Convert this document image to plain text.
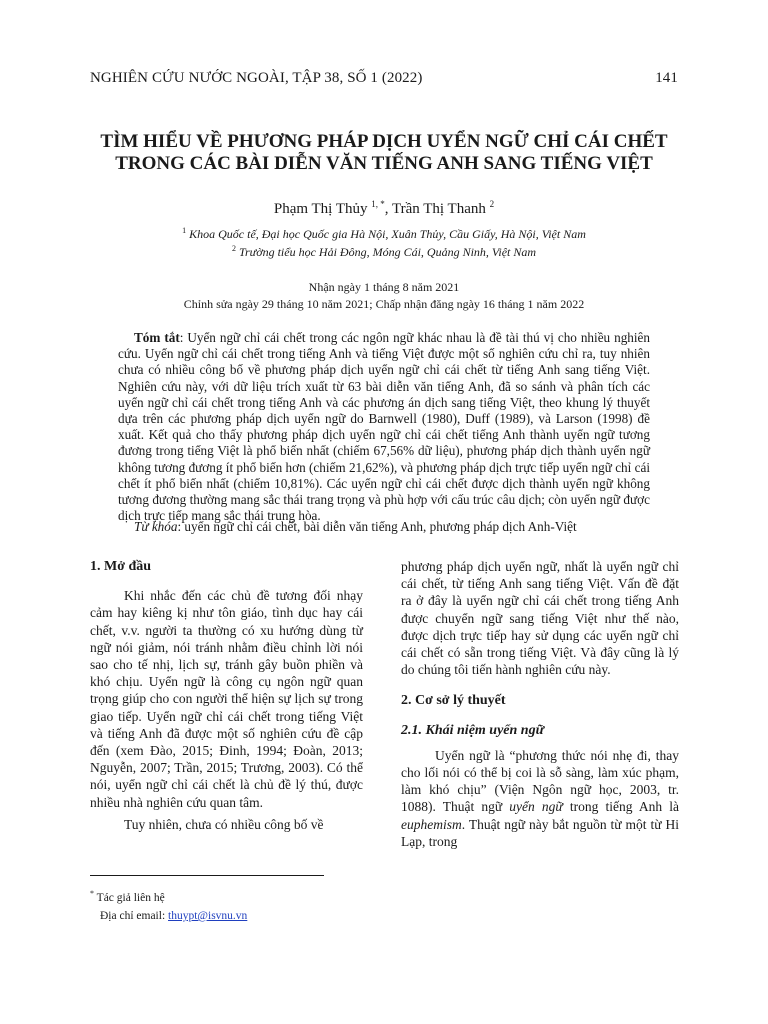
NGHIÊN CỨU NƯỚC NGOÀI, TẬP 38, SỐ 1 (2022)	141
TÌM HIỂU VỀ PHƯƠNG PHÁP DỊCH UYỂN NGỮ CHỈ CÁI CHẾT
TRONG CÁC BÀI DIỄN VĂN TIẾNG ANH SANG TIẾNG VIỆT
Phạm Thị Thủy $^{1, *}$, Trần Thị Thanh $^2$
$^1$ Khoa Quốc tế, Đại học Quốc gia Hà Nội, Xuân Thủy, Cầu Giấy, Hà Nội, Việt Nam
$^2$ Trường tiểu học Hải Đông, Móng Cái, Quảng Ninh, Việt Nam
Nhận ngày 1 tháng 8 năm 2021
Chỉnh sửa ngày 29 tháng 10 năm 2021; Chấp nhận đăng ngày 16 tháng 1 năm 2022
Tóm tắt: Uyển ngữ chỉ cái chết trong các ngôn ngữ khác nhau là đề tài thú vị cho nhiều nghiên cứu. Uyển ngữ chỉ cái chết trong tiếng Anh và tiếng Việt được một số nghiên cứu chỉ ra, tuy nhiên chưa có nhiều công bố về phương pháp dịch uyển ngữ chỉ cái chết từ tiếng Anh sang tiếng Việt. Nghiên cứu này, với dữ liệu trích xuất từ 63 bài diễn văn tiếng Anh, đã so sánh và phân tích các uyển ngữ chỉ cái chết trong tiếng Anh và các phương án dịch sang tiếng Việt, theo khung lý thuyết dựa trên các phương pháp dịch uyển ngữ do Barnwell (1980), Duff (1989), và Larson (1998) đề xuất. Kết quả cho thấy phương pháp dịch uyển ngữ chỉ cái chết tiếng Anh thành uyển ngữ tương đương trong tiếng Việt là phổ biến nhất (chiếm 67,56% dữ liệu), phương pháp dịch thành uyển ngữ không tương đương ít phổ biến hơn (chiếm 21,62%), và phương pháp dịch trực tiếp uyển ngữ chỉ cái chết ít phổ biến nhất (chiếm 10,81%). Các uyển ngữ chỉ cái chết được dịch thành uyển ngữ không tương đương thường mang sắc thái trang trọng và phù hợp với cấu trúc câu dịch; còn uyển ngữ được dịch trực tiếp mang sắc thái trung hòa.
Từ khóa: uyển ngữ chỉ cái chết, bài diễn văn tiếng Anh, phương pháp dịch Anh-Việt
1. Mở đầu

Khi nhắc đến các chủ đề tương đối nhạy cảm hay kiêng kị như tôn giáo, tình dục hay cái chết, v.v. người ta thường có xu hướng dùng từ ngữ nói giảm, nói tránh nhằm điều chỉnh lời nói sao cho tế nhị, lịch sự, tránh gây buồn phiền và khó chịu. Uyển ngữ là công cụ ngôn ngữ quan trọng giúp cho con người thể hiện sự lịch sự trong giao tiếp. Uyển ngữ chỉ cái chết trong tiếng Việt và tiếng Anh đã được một số nghiên cứu đề cập đến (xem Đào, 2015; Đinh, 1994; Đoàn, 2013; Nguyễn, 2007; Trần, 2015; Trương, 2003). Có thể nói, uyển ngữ chỉ cái chết là chủ đề lý thú, được nhiều nhà nghiên cứu quan tâm.

Tuy nhiên, chưa có nhiều công bố về

phương pháp dịch uyển ngữ, nhất là uyển ngữ chỉ cái chết, từ tiếng Anh sang tiếng Việt. Vấn đề đặt ra ở đây là uyển ngữ chỉ cái chết trong tiếng Anh được chuyển ngữ sang tiếng Việt như thế nào, được dịch trực tiếp hay sử dụng các uyển ngữ chỉ cái chết có sẵn trong tiếng Việt. Và đây cũng là lý do chúng tôi tiến hành nghiên cứu này.

2. Cơ sở lý thuyết
2.1. Khái niệm uyển ngữ

Uyển ngữ là “phương thức nói nhẹ đi, thay cho lối nói có thể bị coi là sỗ sàng, làm xúc phạm, làm khó chịu” (Viện Ngôn ngữ học, 2003, tr. 1088). Thuật ngữ uyển ngữ trong tiếng Anh là euphemism. Thuật ngữ này bắt nguồn từ một từ Hi Lạp, trong

* Tác giả liên hệ
Địa chỉ email: thuypt@isvnu.vn
